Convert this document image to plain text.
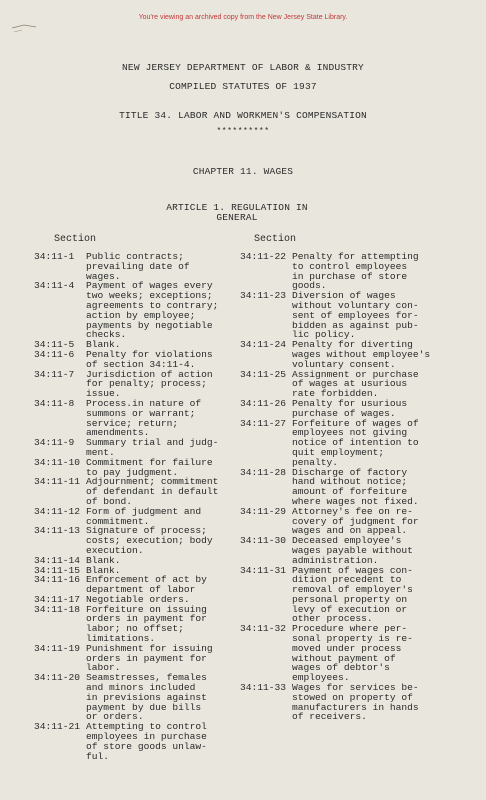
You're viewing an archived copy from the New Jersey State Library.
NEW JERSEY DEPARTMENT OF LABOR & INDUSTRY
COMPILED STATUTES OF 1937
TITLE 34. LABOR AND WORKMEN'S COMPENSATION
**********
CHAPTER 11. WAGES
ARTICLE 1. REGULATION IN
GENERAL
Section	Section
34:11-1	Public contracts;
prevailing date of
wages.
34:11-4	Payment of wages every
two weeks; exceptions;
agreements to contrary;
action by employee;
payments by negotiable
checks.
34:11-5	Blank.
34:11-6	Penalty for violations
of section 34:11-4.
34:11-7	Jurisdiction of action
for penalty; process;
issue.
34:11-8	Process.in nature of
summons or warrant;
service; return;
amendments.
34:11-9	Summary trial and judg-
ment.
34:11-10 Commitment for failure
to pay judgment.
34:11-11 Adjournment; commitment
of defendant in default
of bond.
34:11-12 Form of judgment and
commitment.
34:11-13 Signature of process;
costs; execution; body
execution.
34:11-14 Blank.
34:11-15 Blank.
34:11-16 Enforcement of act by
department of labor
34:11-17 Negotiable orders.
34:11-18 Forfeiture on issuing
orders in payment for
labor; no offset;
limitations.
34:11-19 Punishment for issuing
orders in payment for
labor.
34:11-20 Seamstresses, females
and minors included
in previsions against
payment by due bills
or orders.
34:11-21 Attempting to control
employees in purchase
of store goods unlaw-
ful.
34:11-22 Penalty for attempting
to control employees
in purchase of store
goods.
34:11-23 Diversion of wages
without voluntary con-
sent of employees for-
bidden as against pub-
lic policy.
34:11-24 Penalty for diverting
wages without employee's
voluntary consent.
34:11-25 Assignment or purchase
of wages at usurious
rate forbidden.
34:11-26 Penalty for usurious
purchase of wages.
34:11-27 Forfeiture of wages of
employees not giving
notice of intention to
quit employment;
penalty.
34:11-28 Discharge of factory
hand without notice;
amount of forfeiture
where wages not fixed.
34:11-29 Attorney's fee on re-
covery of judgment for
wages and on appeal.
34:11-30 Deceased employee's
wages payable without
administration.
34:11-31 Payment of wages con-
dition precedent to
removal of employer's
personal property on
levy of execution or
other process.
34:11-32 Procedure where per-
sonal property is re-
moved under process
without payment of
wages of debtor's
employees.
34:11-33 Wages for services be-
stowed on property of
manufacturers in hands
of receivers.
